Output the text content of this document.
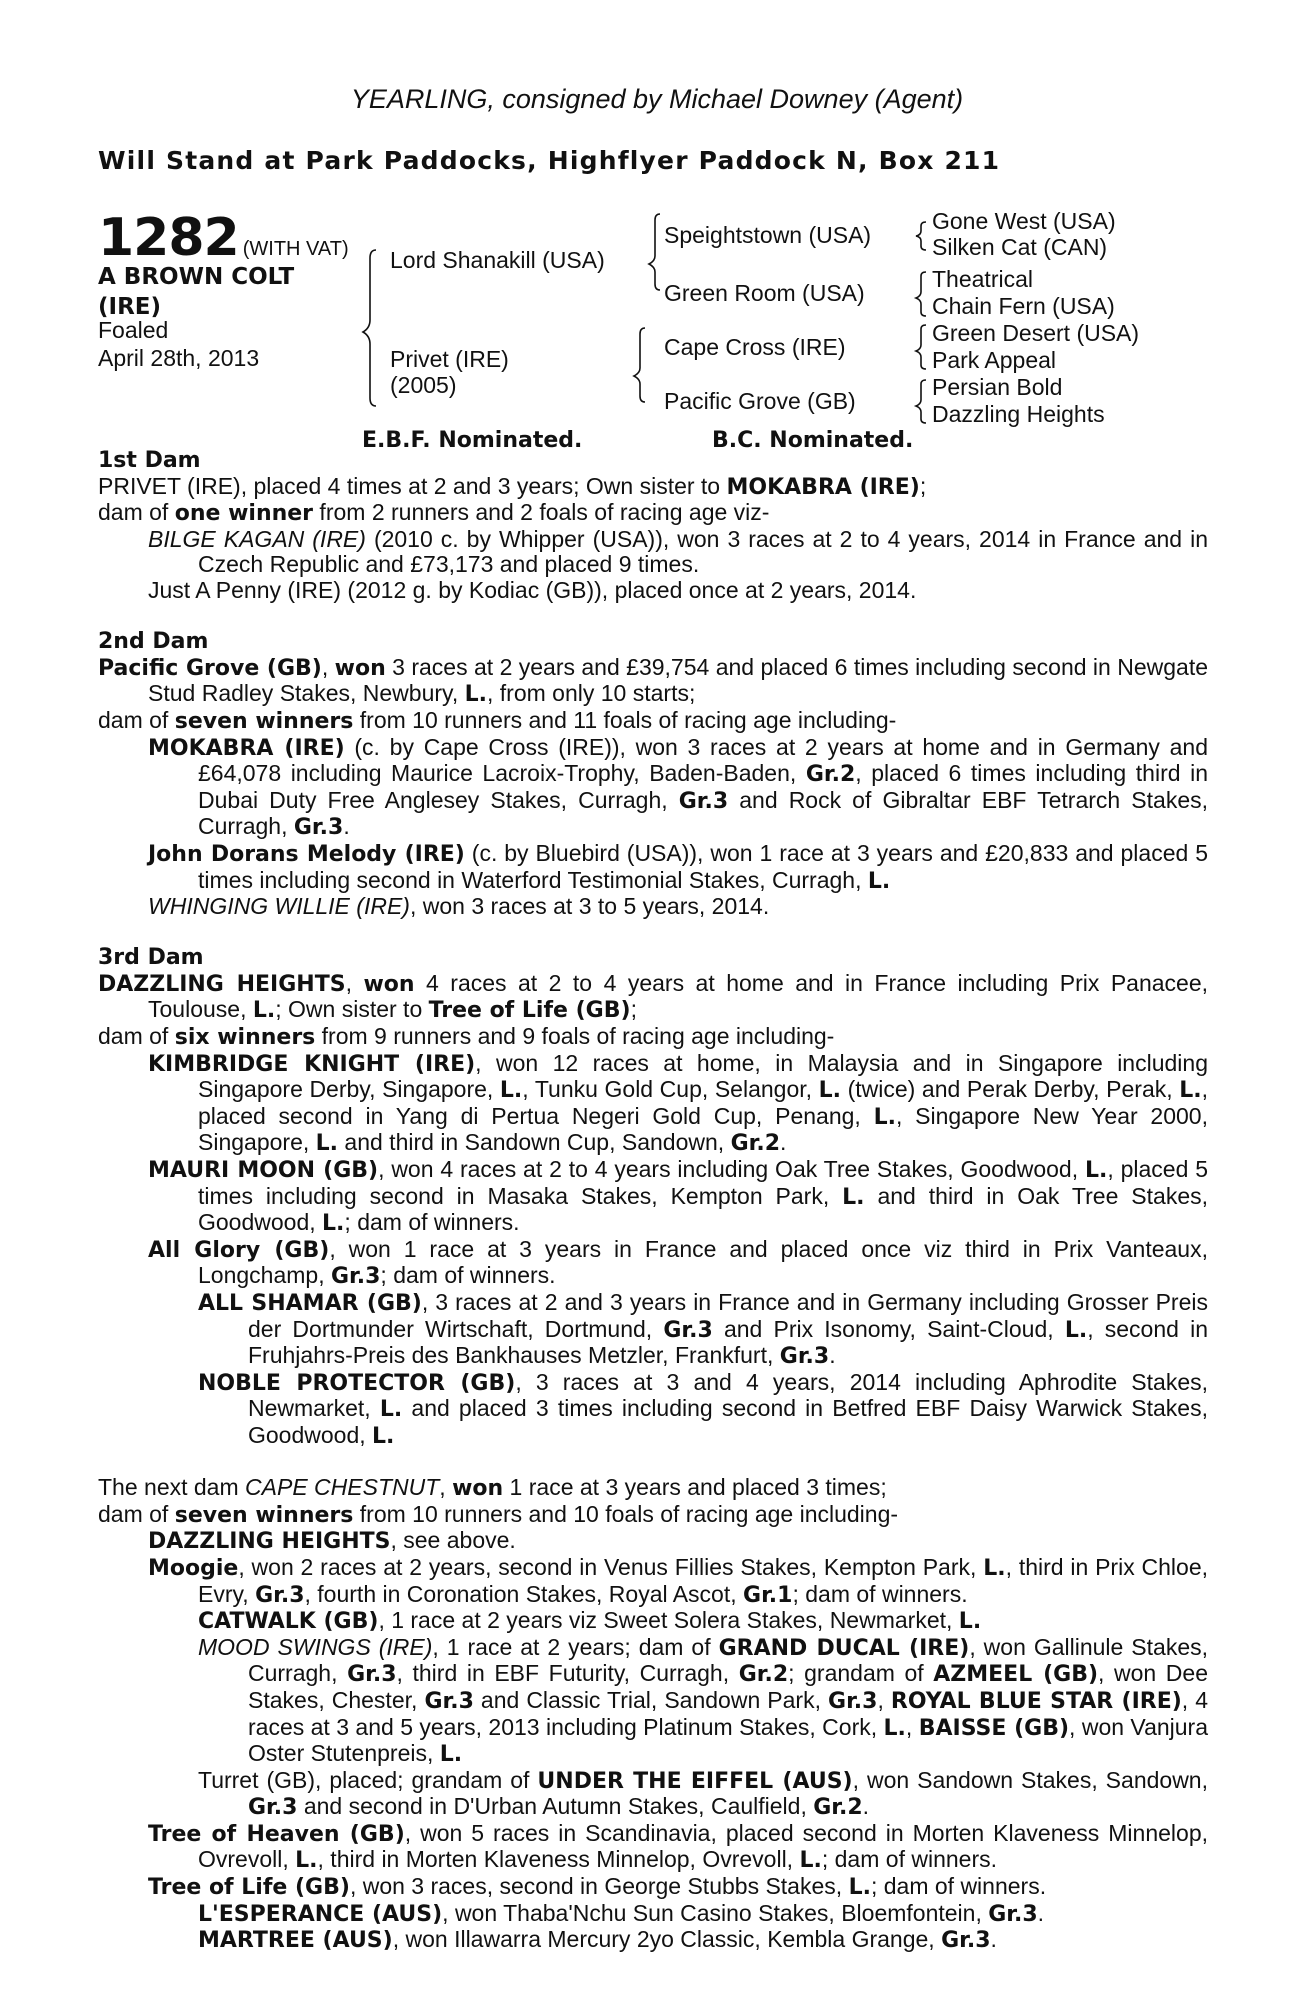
YEARLING, consigned by Michael Downey (Agent)
Will Stand at Park Paddocks, Highflyer Paddock N, Box 211
1282 (WITH VAT)
A BROWN COLT
(IRE)
Foaled
April 28th, 2013
Lord Shanakill (USA)
Privet (IRE)
(2005)
Speightstown (USA)
Green Room (USA)
Cape Cross (IRE)
Pacific Grove (GB)
Gone West (USA)
Silken Cat (CAN)
Theatrical
Chain Fern (USA)
Green Desert (USA)
Park Appeal
Persian Bold
Dazzling Heights
E.B.F. Nominated.	B.C. Nominated.
1st Dam

PRIVET (IRE), placed 4 times at 2 and 3 years; Own sister to MOKABRA (IRE);

dam of one winner from 2 runners and 2 foals of racing age viz-

BILGE KAGAN (IRE) (2010 c. by Whipper (USA)), won 3 races at 2 to 4 years, 2014 in France and in Czech Republic and £73,173 and placed 9 times.

Just A Penny (IRE) (2012 g. by Kodiac (GB)), placed once at 2 years, 2014.

2nd Dam

Pacific Grove (GB), won 3 races at 2 years and £39,754 and placed 6 times including second in Newgate Stud Radley Stakes, Newbury, L., from only 10 starts;

dam of seven winners from 10 runners and 11 foals of racing age including-

MOKABRA (IRE) (c. by Cape Cross (IRE)), won 3 races at 2 years at home and in Germany and £64,078 including Maurice Lacroix-Trophy, Baden-Baden, Gr.2, placed 6 times including third in Dubai Duty Free Anglesey Stakes, Curragh, Gr.3 and Rock of Gibraltar EBF Tetrarch Stakes, Curragh, Gr.3.

John Dorans Melody (IRE) (c. by Bluebird (USA)), won 1 race at 3 years and £20,833 and placed 5 times including second in Waterford Testimonial Stakes, Curragh, L.

WHINGING WILLIE (IRE), won 3 races at 3 to 5 years, 2014.

3rd Dam

DAZZLING HEIGHTS, won 4 races at 2 to 4 years at home and in France including Prix Panacee, Toulouse, L.; Own sister to Tree of Life (GB);

dam of six winners from 9 runners and 9 foals of racing age including-

KIMBRIDGE KNIGHT (IRE), won 12 races at home, in Malaysia and in Singapore including Singapore Derby, Singapore, L., Tunku Gold Cup, Selangor, L. (twice) and Perak Derby, Perak, L., placed second in Yang di Pertua Negeri Gold Cup, Penang, L., Singapore New Year 2000, Singapore, L. and third in Sandown Cup, Sandown, Gr.2.

MAURI MOON (GB), won 4 races at 2 to 4 years including Oak Tree Stakes, Goodwood, L., placed 5 times including second in Masaka Stakes, Kempton Park, L. and third in Oak Tree Stakes, Goodwood, L.; dam of winners.

All Glory (GB), won 1 race at 3 years in France and placed once viz third in Prix Vanteaux, Longchamp, Gr.3; dam of winners.

ALL SHAMAR (GB), 3 races at 2 and 3 years in France and in Germany including Grosser Preis der Dortmunder Wirtschaft, Dortmund, Gr.3 and Prix Isonomy, Saint-Cloud, L., second in Fruhjahrs-Preis des Bankhauses Metzler, Frankfurt, Gr.3.

NOBLE PROTECTOR (GB), 3 races at 3 and 4 years, 2014 including Aphrodite Stakes, Newmarket, L. and placed 3 times including second in Betfred EBF Daisy Warwick Stakes, Goodwood, L.

The next dam CAPE CHESTNUT, won 1 race at 3 years and placed 3 times;

dam of seven winners from 10 runners and 10 foals of racing age including-

DAZZLING HEIGHTS, see above.

Moogie, won 2 races at 2 years, second in Venus Fillies Stakes, Kempton Park, L., third in Prix Chloe, Evry, Gr.3, fourth in Coronation Stakes, Royal Ascot, Gr.1; dam of winners.

CATWALK (GB), 1 race at 2 years viz Sweet Solera Stakes, Newmarket, L.

MOOD SWINGS (IRE), 1 race at 2 years; dam of GRAND DUCAL (IRE), won Gallinule Stakes, Curragh, Gr.3, third in EBF Futurity, Curragh, Gr.2; grandam of AZMEEL (GB), won Dee Stakes, Chester, Gr.3 and Classic Trial, Sandown Park, Gr.3, ROYAL BLUE STAR (IRE), 4 races at 3 and 5 years, 2013 including Platinum Stakes, Cork, L., BAISSE (GB), won Vanjura Oster Stutenpreis, L.

Turret (GB), placed; grandam of UNDER THE EIFFEL (AUS), won Sandown Stakes, Sandown, Gr.3 and second in D'Urban Autumn Stakes, Caulfield, Gr.2.

Tree of Heaven (GB), won 5 races in Scandinavia, placed second in Morten Klaveness Minnelop, Ovrevoll, L., third in Morten Klaveness Minnelop, Ovrevoll, L.; dam of winners.

Tree of Life (GB), won 3 races, second in George Stubbs Stakes, L.; dam of winners.

L'ESPERANCE (AUS), won Thaba'Nchu Sun Casino Stakes, Bloemfontein, Gr.3.

MARTREE (AUS), won Illawarra Mercury 2yo Classic, Kembla Grange, Gr.3.
